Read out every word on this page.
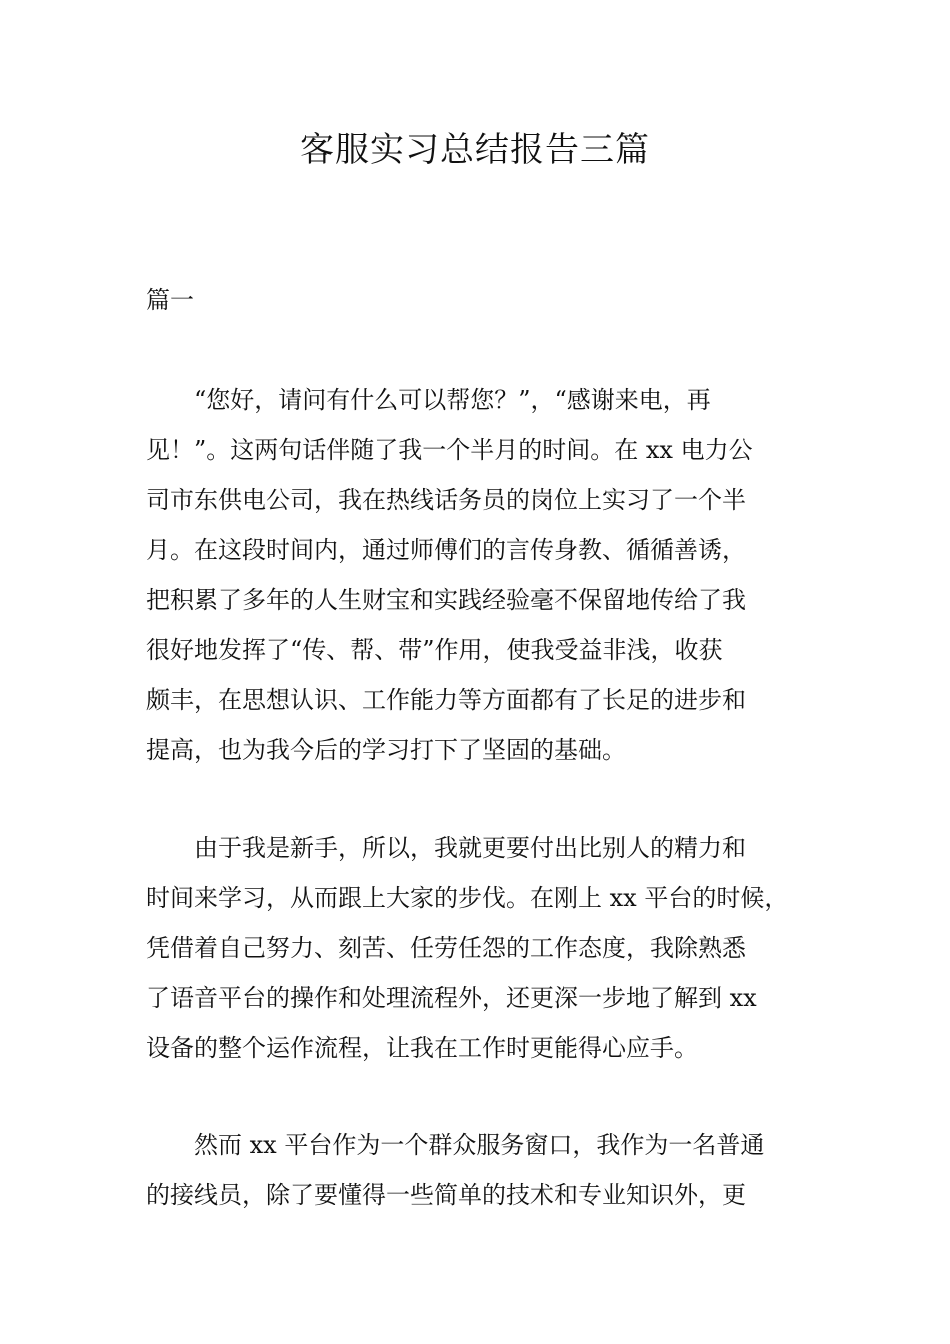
客服实习总结报告三篇
篇一
　　“您好，请问有什么可以帮您？”，“感谢来电，再
见！”。这两句话伴随了我一个半月的时间。在 xx 电力公
司市东供电公司，我在热线话务员的岗位上实习了一个半
月。在这段时间内，通过师傅们的言传身教、循循善诱，
把积累了多年的人生财宝和实践经验毫不保留地传给了我
很好地发挥了“传、帮、带”作用，使我受益非浅，收获
颇丰，在思想认识、工作能力等方面都有了长足的进步和
提高，也为我今后的学习打下了坚固的基础。
　　由于我是新手，所以，我就更要付出比别人的精力和
时间来学习，从而跟上大家的步伐。在刚上 xx 平台的时候，
凭借着自己努力、刻苦、任劳任怨的工作态度，我除熟悉
了语音平台的操作和处理流程外，还更深一步地了解到 xx
设备的整个运作流程，让我在工作时更能得心应手。
　　然而 xx 平台作为一个群众服务窗口，我作为一名普通
的接线员，除了要懂得一些简单的技术和专业知识外，更
